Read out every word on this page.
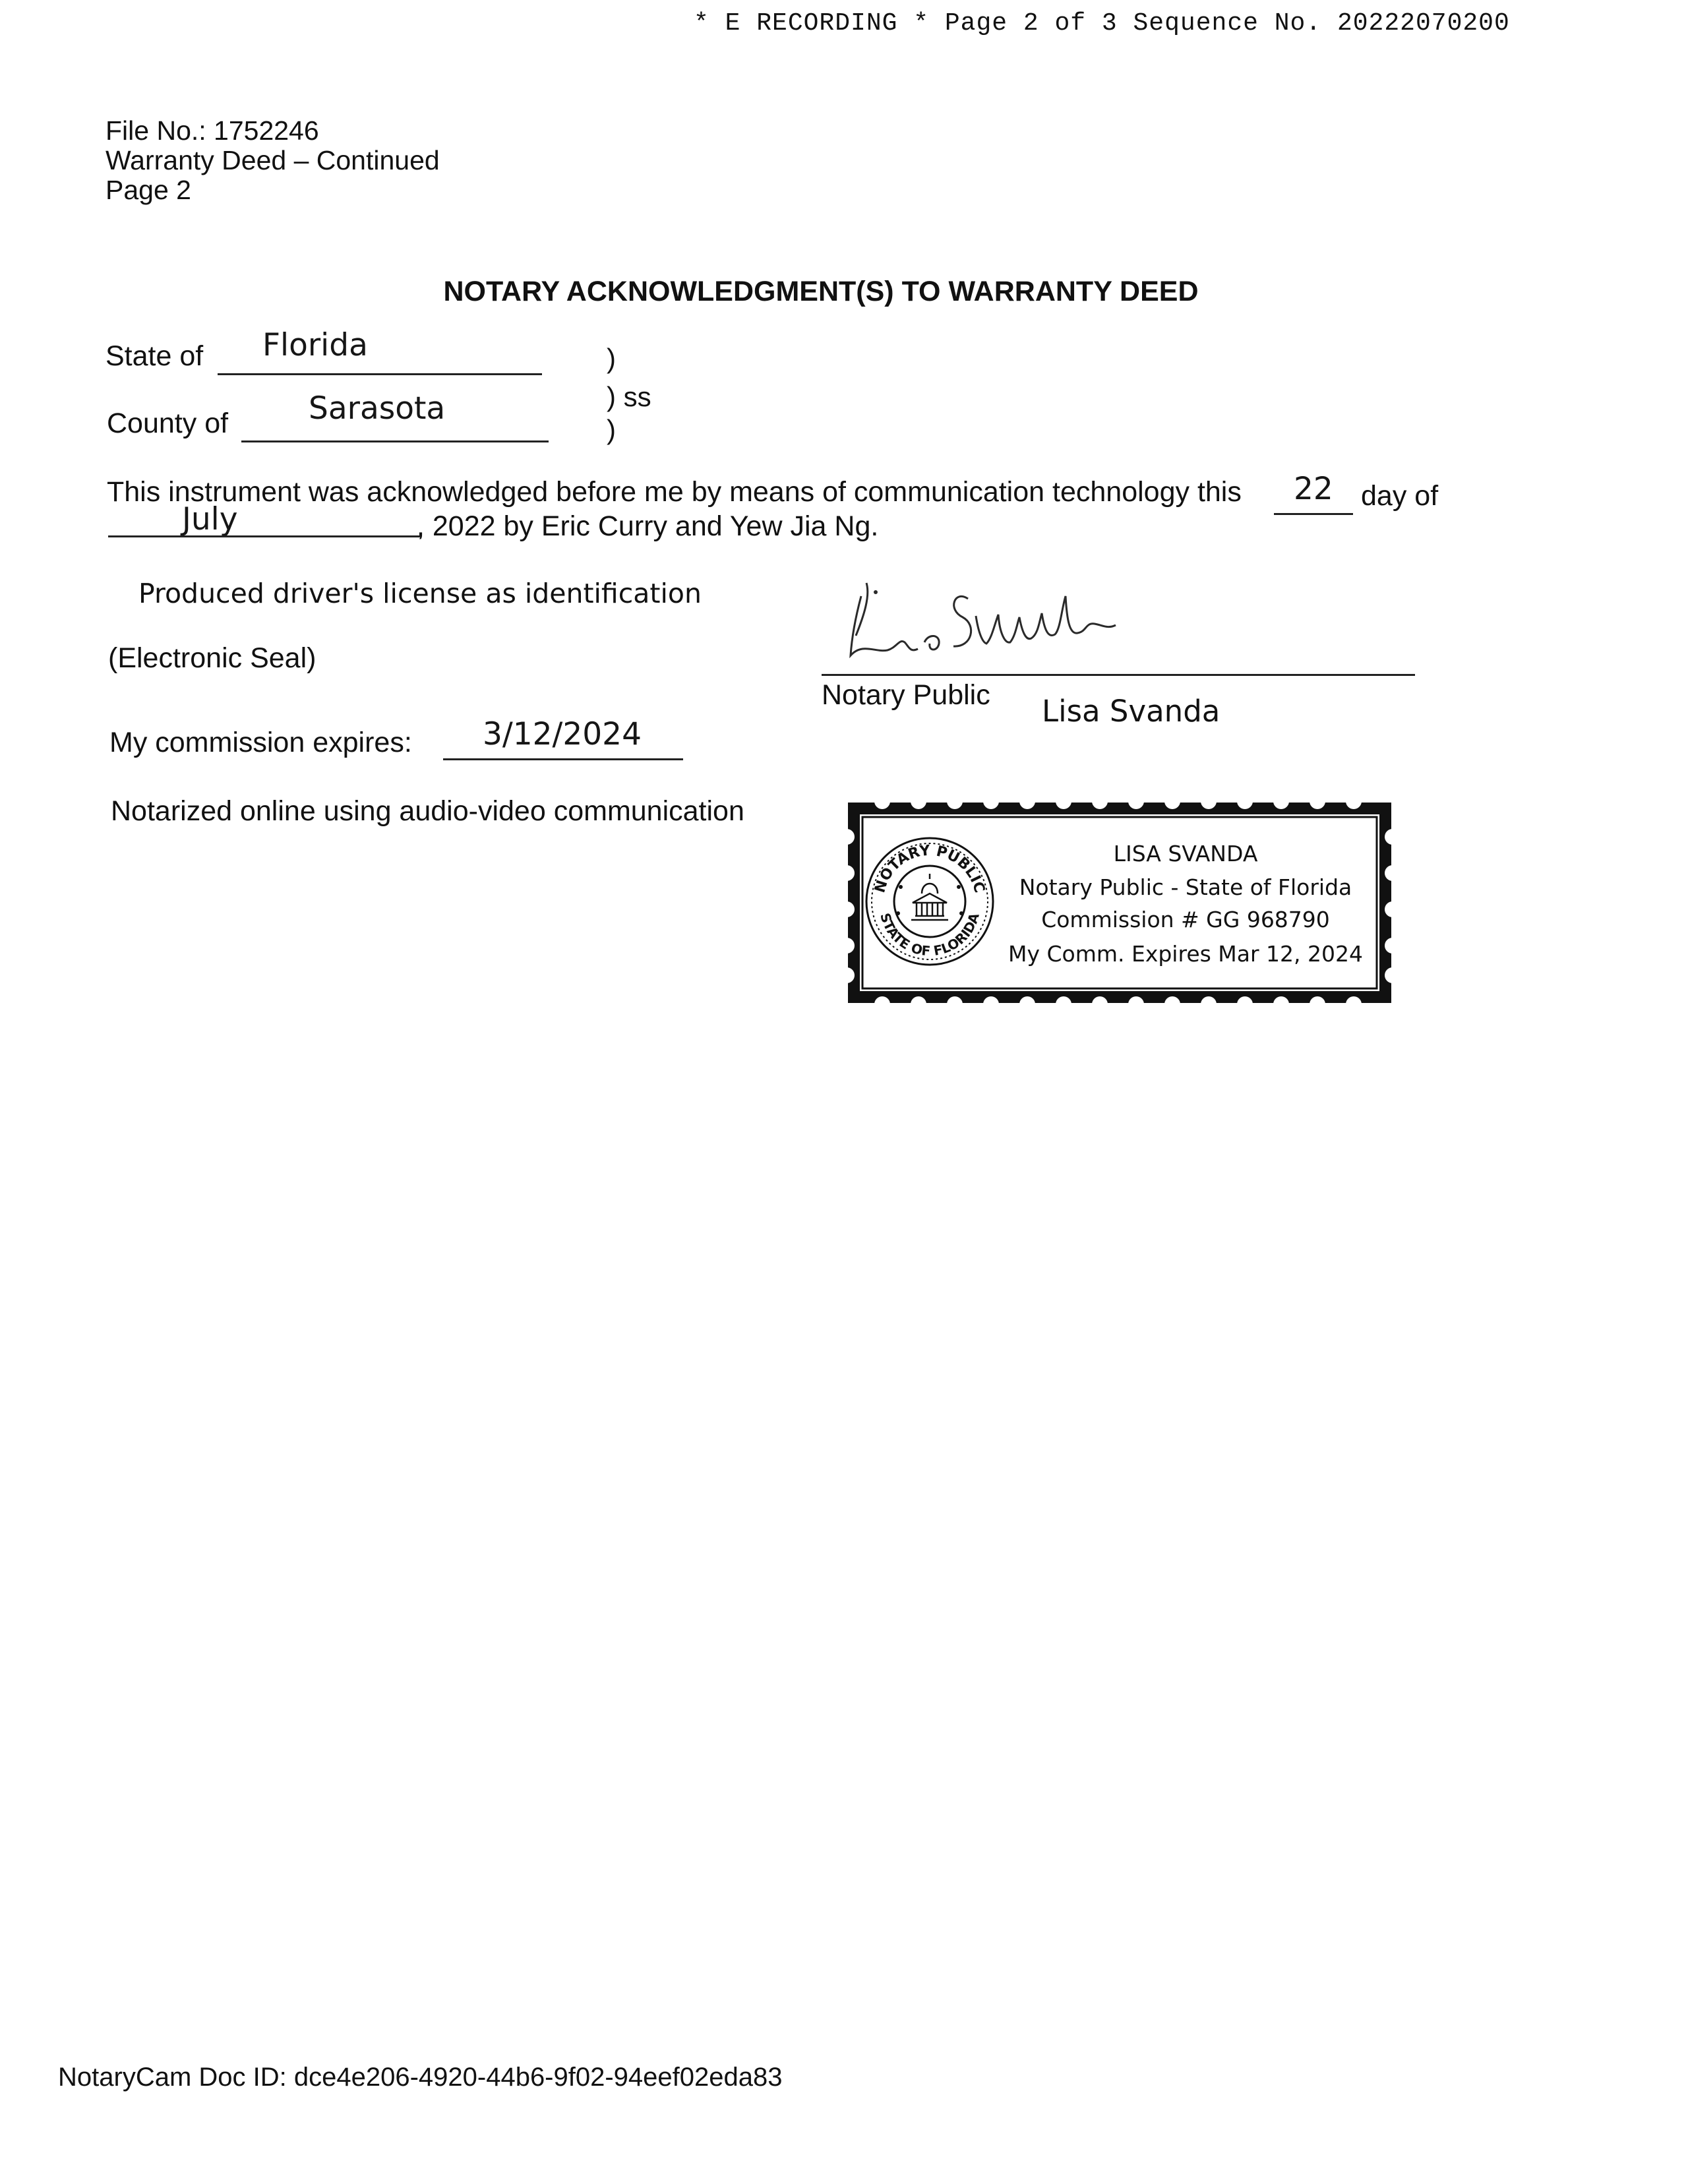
* E RECORDING * Page 2 of 3 Sequence No. 20222070200
File No.: 1752246
Warranty Deed – Continued
Page 2
NOTARY ACKNOWLEDGMENT(S) TO WARRANTY DEED
State of Florida
County of	Sarasota
)
) ss
)
This instrument was acknowledged before me by means of communication technology this 22 day of
July	, 2022 by Eric Curry and Yew Jia Ng.
Produced driver's license as identification
(Electronic Seal)
My commission expires: 3/12/2024
Notarized online using audio-video communication
Notary Public Lisa Svanda
NOTARY PUBLIC
STATE OF FLORIDA
LISA SVANDA
Notary Public - State of Florida
Commission # GG 968790
My Comm. Expires Mar 12, 2024
NotaryCam Doc ID: dce4e206-4920-44b6-9f02-94eef02eda83
